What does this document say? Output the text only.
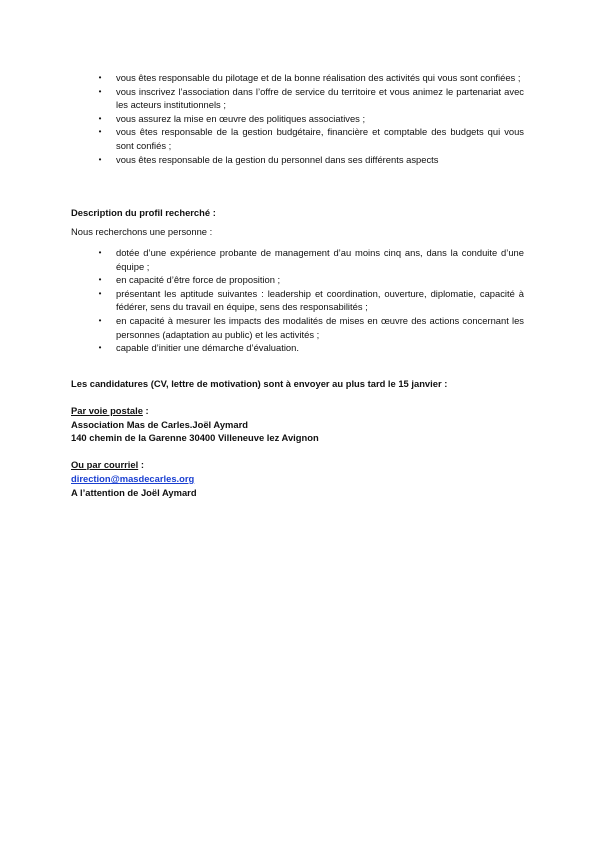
•	vous êtes responsable du pilotage et de la bonne réalisation des activités qui vous sont confiées ;
•	vous inscrivez l’association dans l’offre de service du territoire et vous animez le partenariat avec les acteurs institutionnels ;
•	vous assurez la mise en œuvre des politiques associatives ;
•	vous êtes responsable de la gestion budgétaire, financière et comptable des budgets qui vous sont confiés ;
•	vous êtes responsable de la gestion du personnel dans ses différents aspects
Description du profil recherché :
Nous recherchons une personne :
•	dotée d’une expérience probante de management d’au moins cinq ans, dans la conduite d’une équipe ;
•	en capacité d’être force de proposition ;
•	présentant les aptitude suivantes : leadership et coordination, ouverture, diplomatie, capacité à fédérer, sens du travail en équipe, sens des responsabilités ;
•	en capacité à mesurer les impacts des modalités de mises en œuvre des actions concernant les personnes (adaptation au public) et les activités ;
•	capable d’initier une démarche d’évaluation.
Les candidatures (CV, lettre de motivation) sont à envoyer au plus tard le 15 janvier :
Par voie postale :
Association Mas de Carles.Joël Aymard
140 chemin de la Garenne 30400 Villeneuve lez Avignon
Ou par courriel :
direction@masdecarles.org
A l’attention de Joël Aymard
